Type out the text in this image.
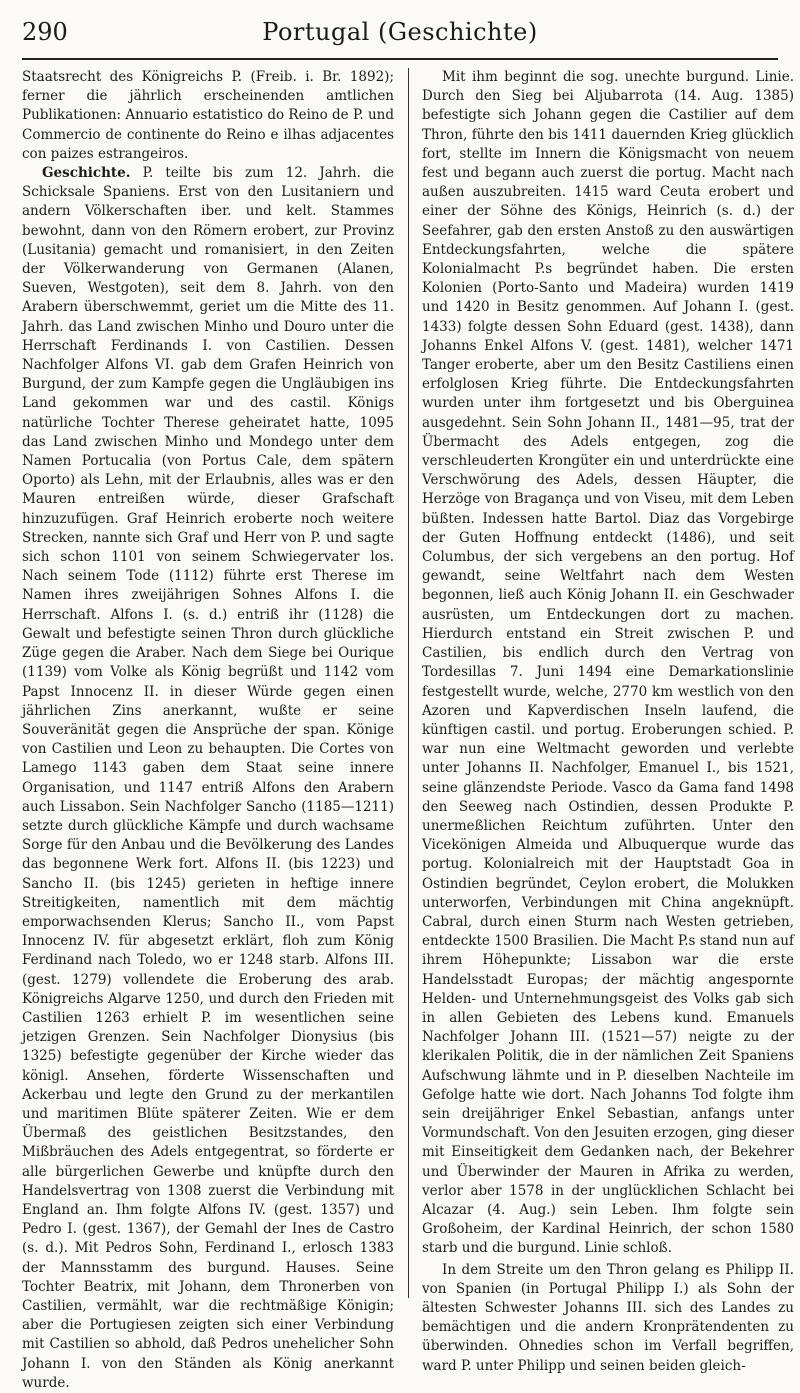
290	Portugal (Geschichte)

Staatsrecht des Königreichs P. (Freib. i. Br. 1892); ferner die jährlich erscheinenden amtlichen Publikationen: Annuario estatistico do Reino de P. und Commercio de continente do Reino e ilhas adjacentes con paizes estrangeiros.

Geschichte. P. teilte bis zum 12. Jahrh. die Schicksale Spaniens. Erst von den Lusitaniern und andern Völkerschaften iber. und kelt. Stammes bewohnt, dann von den Römern erobert, zur Provinz (Lusitania) gemacht und romanisiert, in den Zeiten der Völkerwanderung von Germanen (Alanen, Sueven, Westgoten), seit dem 8. Jahrh. von den Arabern überschwemmt, geriet um die Mitte des 11. Jahrh. das Land zwischen Minho und Douro unter die Herrschaft Ferdinands I. von Castilien. Dessen Nachfolger Alfons VI. gab dem Grafen Heinrich von Burgund, der zum Kampfe gegen die Ungläubigen ins Land gekommen war und des castil. Königs natürliche Tochter Therese geheiratet hatte, 1095 das Land zwischen Minho und Mondego unter dem Namen Portucalia (von Portus Cale, dem spätern Oporto) als Lehn, mit der Erlaubnis, alles was er den Mauren entreißen würde, dieser Grafschaft hinzuzufügen. Graf Heinrich eroberte noch weitere Strecken, nannte sich Graf und Herr von P. und sagte sich schon 1101 von seinem Schwiegervater los. Nach seinem Tode (1112) führte erst Therese im Namen ihres zweijährigen Sohnes Alfons I. die Herrschaft. Alfons I. (s. d.) entriß ihr (1128) die Gewalt und befestigte seinen Thron durch glückliche Züge gegen die Araber. Nach dem Siege bei Ourique (1139) vom Volke als König begrüßt und 1142 vom Papst Innocenz II. in dieser Würde gegen einen jährlichen Zins anerkannt, wußte er seine Souveränität gegen die Ansprüche der span. Könige von Castilien und Leon zu behaupten. Die Cortes von Lamego 1143 gaben dem Staat seine innere Organisation, und 1147 entriß Alfons den Arabern auch Lissabon. Sein Nachfolger Sancho (1185—1211) setzte durch glückliche Kämpfe und durch wachsame Sorge für den Anbau und die Bevölkerung des Landes das begonnene Werk fort. Alfons II. (bis 1223) und Sancho II. (bis 1245) gerieten in heftige innere Streitigkeiten, namentlich mit dem mächtig emporwachsenden Klerus; Sancho II., vom Papst Innocenz IV. für abgesetzt erklärt, floh zum König Ferdinand nach Toledo, wo er 1248 starb. Alfons III. (gest. 1279) vollendete die Eroberung des arab. Königreichs Algarve 1250, und durch den Frieden mit Castilien 1263 erhielt P. im wesentlichen seine jetzigen Grenzen. Sein Nachfolger Dionysius (bis 1325) befestigte gegenüber der Kirche wieder das königl. Ansehen, förderte Wissenschaften und Ackerbau und legte den Grund zu der merkantilen und maritimen Blüte späterer Zeiten. Wie er dem Übermaß des geistlichen Besitzstandes, den Mißbräuchen des Adels entgegentrat, so förderte er alle bürgerlichen Gewerbe und knüpfte durch den Handelsvertrag von 1308 zuerst die Verbindung mit England an. Ihm folgte Alfons IV. (gest. 1357) und Pedro I. (gest. 1367), der Gemahl der Ines de Castro (s. d.). Mit Pedros Sohn, Ferdinand I., erlosch 1383 der Mannsstamm des burgund. Hauses. Seine Tochter Beatrix, mit Johann, dem Thronerben von Castilien, vermählt, war die rechtmäßige Königin; aber die Portugiesen zeigten sich einer Verbindung mit Castilien so abhold, daß Pedros unehelicher Sohn Johann I. von den Ständen als König anerkannt wurde.

Mit ihm beginnt die sog. unechte burgund. Linie. Durch den Sieg bei Aljubarrota (14. Aug. 1385) befestigte sich Johann gegen die Castilier auf dem Thron, führte den bis 1411 dauernden Krieg glücklich fort, stellte im Innern die Königsmacht von neuem fest und begann auch zuerst die portug. Macht nach außen auszubreiten. 1415 ward Ceuta erobert und einer der Söhne des Königs, Heinrich (s. d.) der Seefahrer, gab den ersten Anstoß zu den auswärtigen Entdeckungsfahrten, welche die spätere Kolonialmacht P.s begründet haben. Die ersten Kolonien (Porto-Santo und Madeira) wurden 1419 und 1420 in Besitz genommen. Auf Johann I. (gest. 1433) folgte dessen Sohn Eduard (gest. 1438), dann Johanns Enkel Alfons V. (gest. 1481), welcher 1471 Tanger eroberte, aber um den Besitz Castiliens einen erfolglosen Krieg führte. Die Entdeckungsfahrten wurden unter ihm fortgesetzt und bis Oberguinea ausgedehnt. Sein Sohn Johann II., 1481—95, trat der Übermacht des Adels entgegen, zog die verschleuderten Krongüter ein und unterdrückte eine Verschwörung des Adels, dessen Häupter, die Herzöge von Bragança und von Viseu, mit dem Leben büßten. Indessen hatte Bartol. Diaz das Vorgebirge der Guten Hoffnung entdeckt (1486), und seit Columbus, der sich vergebens an den portug. Hof gewandt, seine Weltfahrt nach dem Westen begonnen, ließ auch König Johann II. ein Geschwader ausrüsten, um Entdeckungen dort zu machen. Hierdurch entstand ein Streit zwischen P. und Castilien, bis endlich durch den Vertrag von Tordesillas 7. Juni 1494 eine Demarkationslinie festgestellt wurde, welche, 2770 km westlich von den Azoren und Kapverdischen Inseln laufend, die künftigen castil. und portug. Eroberungen schied. P. war nun eine Weltmacht geworden und verlebte unter Johanns II. Nachfolger, Emanuel I., bis 1521, seine glänzendste Periode. Vasco da Gama fand 1498 den Seeweg nach Ostindien, dessen Produkte P. unermeßlichen Reichtum zuführten. Unter den Vicekönigen Almeida und Albuquerque wurde das portug. Kolonialreich mit der Hauptstadt Goa in Ostindien begründet, Ceylon erobert, die Molukken unterworfen, Verbindungen mit China angeknüpft. Cabral, durch einen Sturm nach Westen getrieben, entdeckte 1500 Brasilien. Die Macht P.s stand nun auf ihrem Höhepunkte; Lissabon war die erste Handelsstadt Europas; der mächtig angespornte Helden- und Unternehmungsgeist des Volks gab sich in allen Gebieten des Lebens kund. Emanuels Nachfolger Johann III. (1521—57) neigte zu der klerikalen Politik, die in der nämlichen Zeit Spaniens Aufschwung lähmte und in P. dieselben Nachteile im Gefolge hatte wie dort. Nach Johanns Tod folgte ihm sein dreijähriger Enkel Sebastian, anfangs unter Vormundschaft. Von den Jesuiten erzogen, ging dieser mit Einseitigkeit dem Gedanken nach, der Bekehrer und Überwinder der Mauren in Afrika zu werden, verlor aber 1578 in der unglücklichen Schlacht bei Alcazar (4. Aug.) sein Leben. Ihm folgte sein Großoheim, der Kardinal Heinrich, der schon 1580 starb und die burgund. Linie schloß.

In dem Streite um den Thron gelang es Philipp II. von Spanien (in Portugal Philipp I.) als Sohn der ältesten Schwester Johanns III. sich des Landes zu bemächtigen und die andern Kronprätendenten zu überwinden. Ohnedies schon im Verfall begriffen, ward P. unter Philipp und seinen beiden gleich-
